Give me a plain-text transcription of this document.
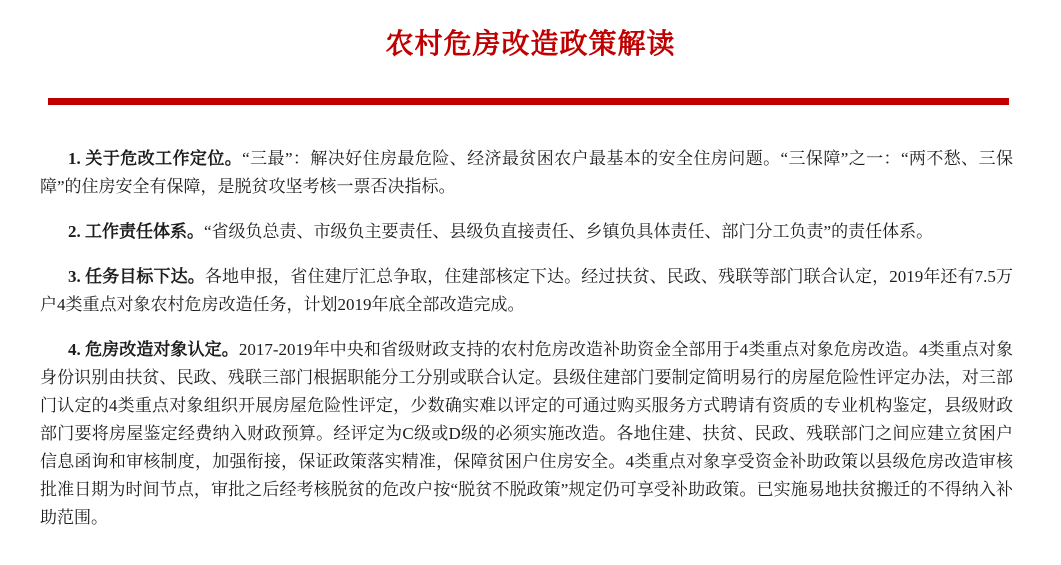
农村危房改造政策解读

1. 关于危改工作定位。“三最”：解决好住房最危险、经济最贫困农户最基本的安全住房问题。“三保障”之一：“两不愁、三保障”的住房安全有保障，是脱贫攻坚考核一票否决指标。

2. 工作责任体系。“省级负总责、市级负主要责任、县级负直接责任、乡镇负具体责任、部门分工负责”的责任体系。

3. 任务目标下达。各地申报，省住建厅汇总争取，住建部核定下达。经过扶贫、民政、残联等部门联合认定，2019年还有7.5万户4类重点对象农村危房改造任务，计划2019年底全部改造完成。

4. 危房改造对象认定。2017-2019年中央和省级财政支持的农村危房改造补助资金全部用于4类重点对象危房改造。4类重点对象身份识别由扶贫、民政、残联三部门根据职能分工分别或联合认定。县级住建部门要制定简明易行的房屋危险性评定办法，对三部门认定的4类重点对象组织开展房屋危险性评定，少数确实难以评定的可通过购买服务方式聘请有资质的专业机构鉴定，县级财政部门要将房屋鉴定经费纳入财政预算。经评定为C级或D级的必须实施改造。各地住建、扶贫、民政、残联部门之间应建立贫困户信息函询和审核制度，加强衔接，保证政策落实精准，保障贫困户住房安全。4类重点对象享受资金补助政策以县级危房改造审核批准日期为时间节点，审批之后经考核脱贫的危改户按“脱贫不脱政策”规定仍可享受补助政策。已实施易地扶贫搬迁的不得纳入补助范围。
